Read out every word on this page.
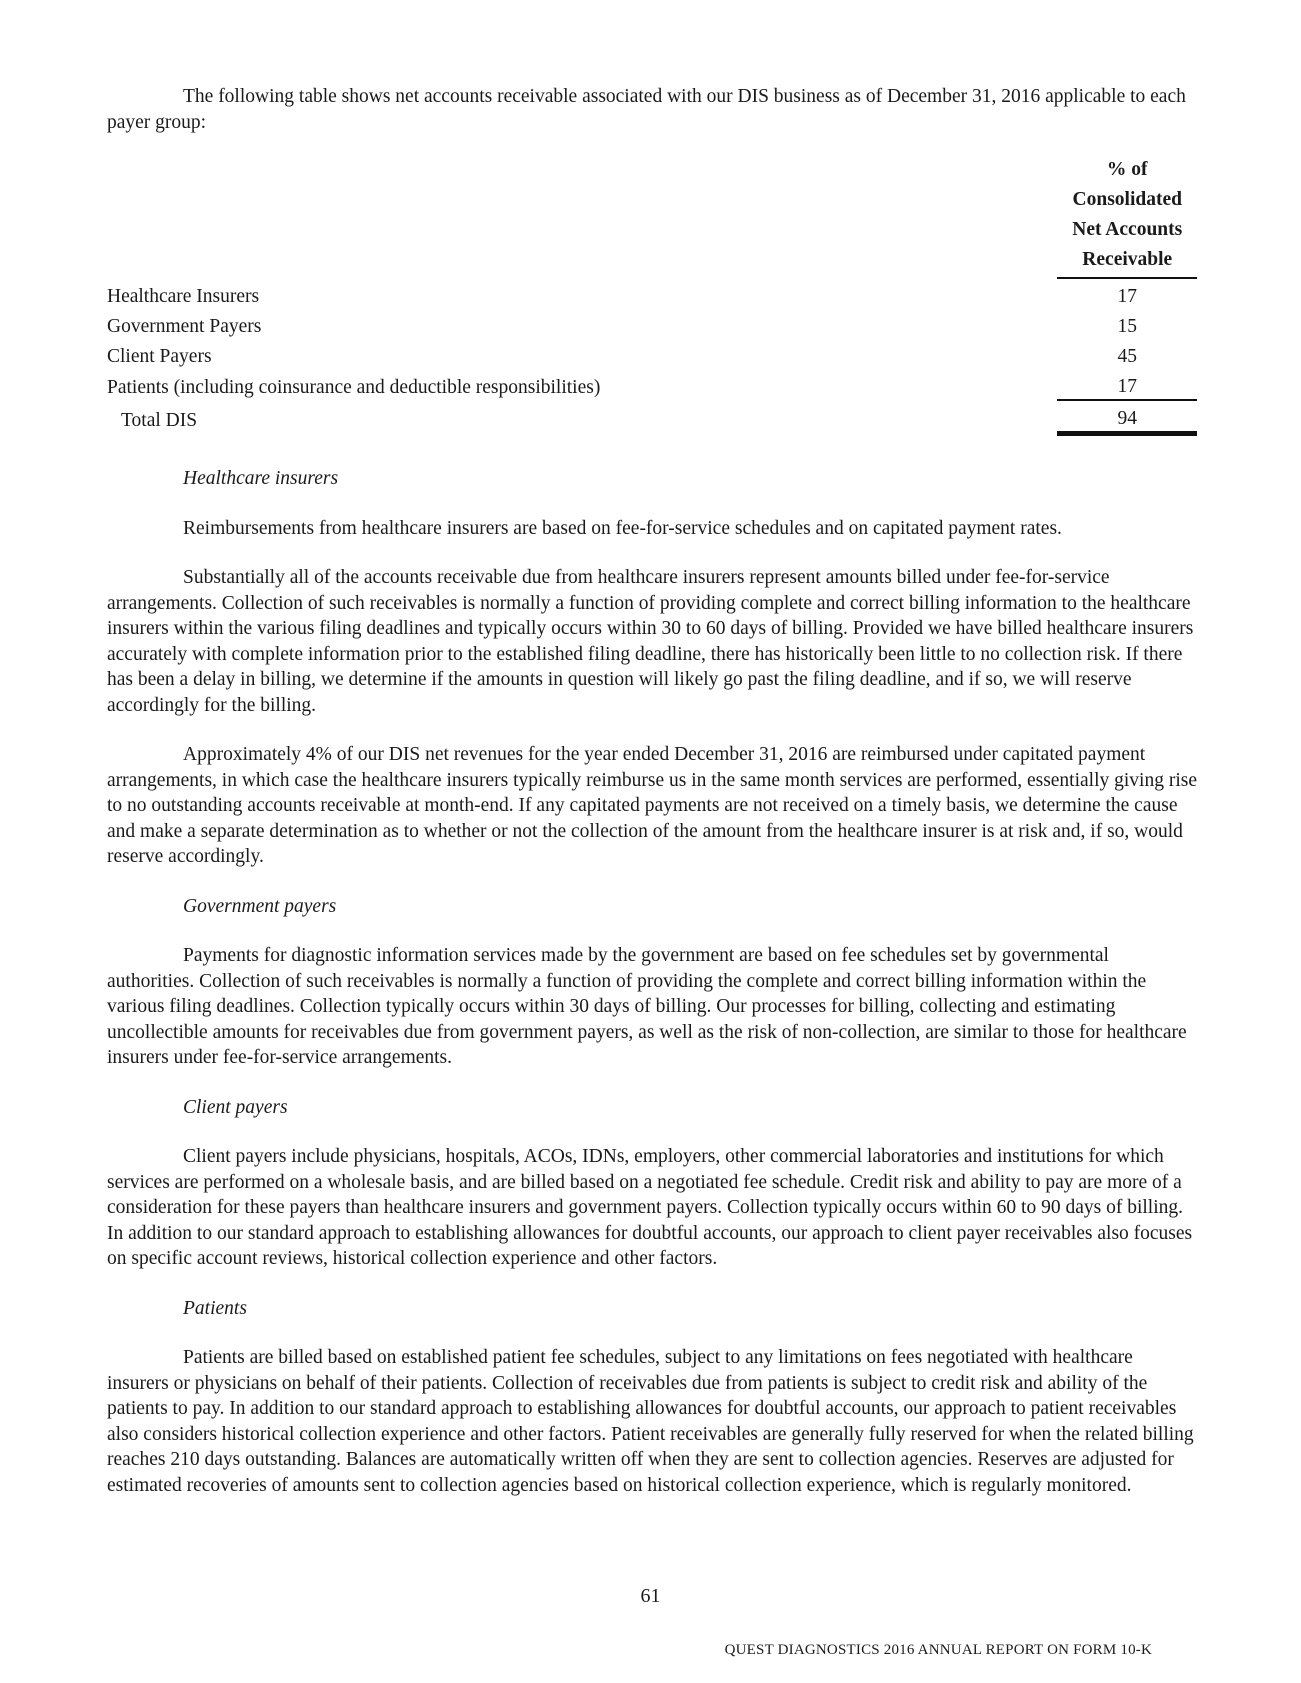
The following table shows net accounts receivable associated with our DIS business as of December 31, 2016 applicable to each payer group:

	% of
Consolidated
Net Accounts
Receivable

Healthcare Insurers	17
Government Payers	15
Client Payers	45
Patients (including coinsurance and deductible responsibilities)	17
Total DIS	94

Healthcare insurers

Reimbursements from healthcare insurers are based on fee-for-service schedules and on capitated payment rates.

Substantially all of the accounts receivable due from healthcare insurers represent amounts billed under fee-for-service arrangements. Collection of such receivables is normally a function of providing complete and correct billing information to the healthcare insurers within the various filing deadlines and typically occurs within 30 to 60 days of billing. Provided we have billed healthcare insurers accurately with complete information prior to the established filing deadline, there has historically been little to no collection risk. If there has been a delay in billing, we determine if the amounts in question will likely go past the filing deadline, and if so, we will reserve accordingly for the billing.

Approximately 4% of our DIS net revenues for the year ended December 31, 2016 are reimbursed under capitated payment arrangements, in which case the healthcare insurers typically reimburse us in the same month services are performed, essentially giving rise to no outstanding accounts receivable at month-end. If any capitated payments are not received on a timely basis, we determine the cause and make a separate determination as to whether or not the collection of the amount from the healthcare insurer is at risk and, if so, would reserve accordingly.

Government payers

Payments for diagnostic information services made by the government are based on fee schedules set by governmental authorities. Collection of such receivables is normally a function of providing the complete and correct billing information within the various filing deadlines. Collection typically occurs within 30 days of billing. Our processes for billing, collecting and estimating uncollectible amounts for receivables due from government payers, as well as the risk of non-collection, are similar to those for healthcare insurers under fee-for-service arrangements.

Client payers

Client payers include physicians, hospitals, ACOs, IDNs, employers, other commercial laboratories and institutions for which services are performed on a wholesale basis, and are billed based on a negotiated fee schedule. Credit risk and ability to pay are more of a consideration for these payers than healthcare insurers and government payers. Collection typically occurs within 60 to 90 days of billing. In addition to our standard approach to establishing allowances for doubtful accounts, our approach to client payer receivables also focuses on specific account reviews, historical collection experience and other factors.

Patients

Patients are billed based on established patient fee schedules, subject to any limitations on fees negotiated with healthcare insurers or physicians on behalf of their patients. Collection of receivables due from patients is subject to credit risk and ability of the patients to pay. In addition to our standard approach to establishing allowances for doubtful accounts, our approach to patient receivables also considers historical collection experience and other factors. Patient receivables are generally fully reserved for when the related billing reaches 210 days outstanding. Balances are automatically written off when they are sent to collection agencies. Reserves are adjusted for estimated recoveries of amounts sent to collection agencies based on historical collection experience, which is regularly monitored.

61
QUEST DIAGNOSTICS 2016 ANNUAL REPORT ON FORM 10-K
